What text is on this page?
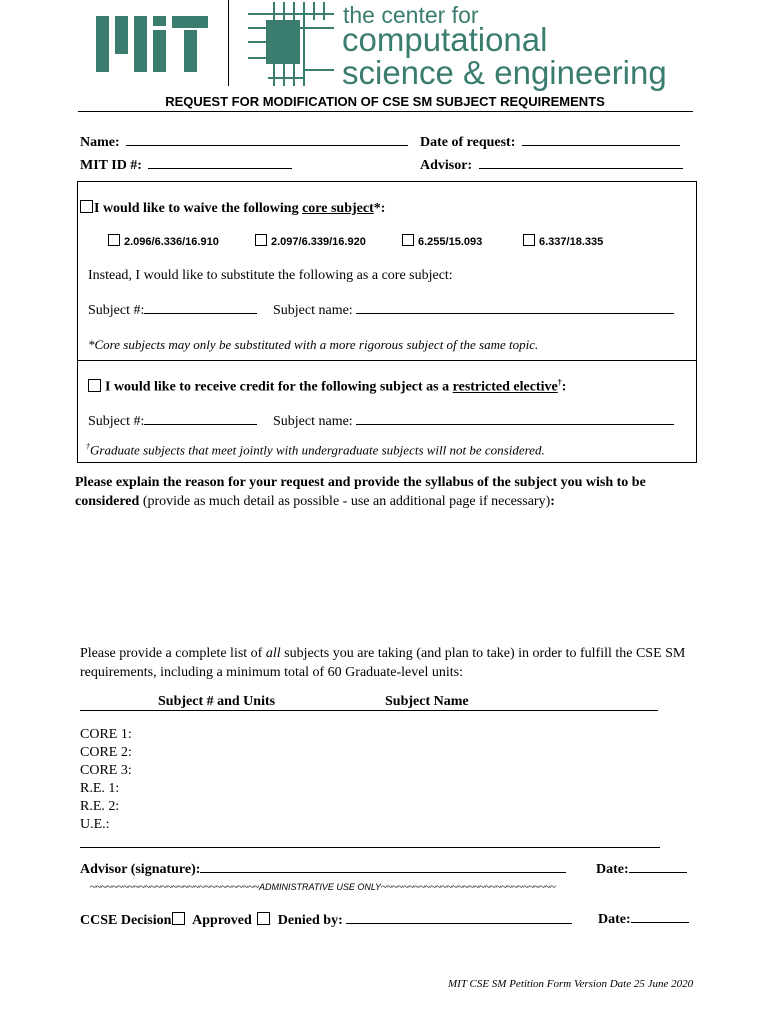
the center for
computational
science & engineering
REQUEST FOR MODIFICATION OF CSE SM SUBJECT REQUIREMENTS
Name:	Date of request:
MIT ID #:	Advisor:
I would like to waive the following core subject*:
2.096/6.336/16.910	2.097/6.339/16.920	6.255/15.093	6.337/18.335
Instead, I would like to substitute the following as a core subject:
Subject #:	Subject name:
*Core subjects may only be substituted with a more rigorous subject of the same topic.
I would like to receive credit for the following subject as a restricted elective†:
Subject #:	Subject name:
†Graduate subjects that meet jointly with undergraduate subjects will not be considered.
Please explain the reason for your request and provide the syllabus of the subject you wish to be considered (provide as much detail as possible - use an additional page if necessary):
Please provide a complete list of all subjects you are taking (and plan to take) in order to fulfill the CSE SM requirements, including a minimum total of 60 Graduate-level units:
Subject # and Units	Subject Name
CORE 1:
CORE 2:
CORE 3:
R.E. 1:
R.E. 2:
U.E.:
Advisor (signature):	Date:
~~~~~~~~~~~~~~~~~~~~~~~~~~~~~~~ADMINISTRATIVE USE ONLY~~~~~~~~~~~~~~~~~~~~~~~~~~~~~~~~
CCSE Decision Approved Denied by:	Date:
MIT CSE SM Petition Form Version Date 25 June 2020
